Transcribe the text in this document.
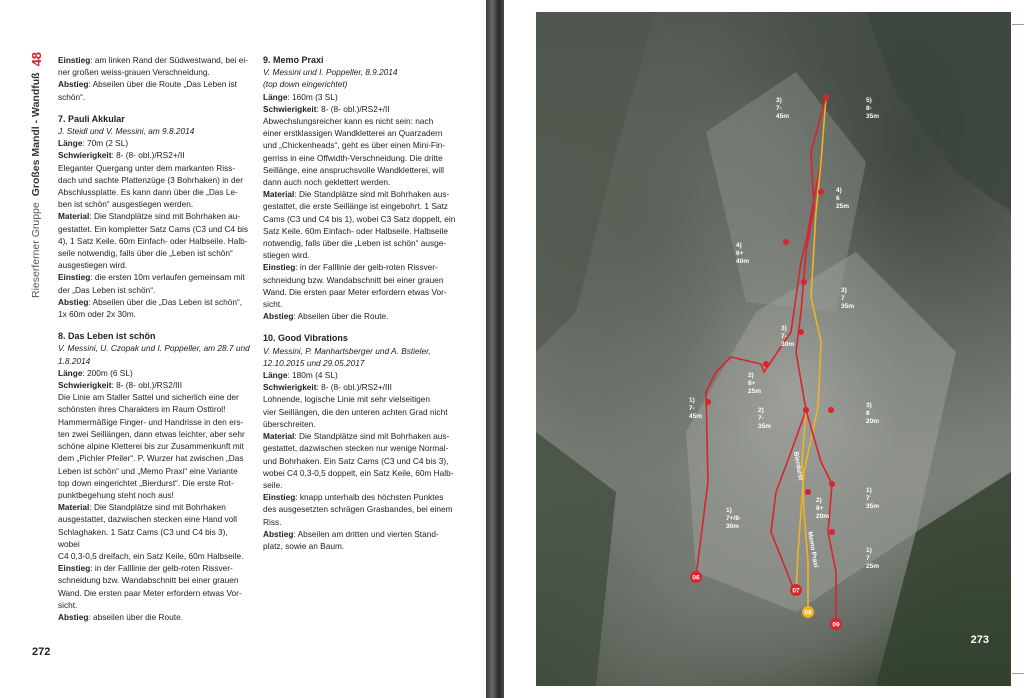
Rieserferner Gruppe
Großes Mandl - Wandfuß
48 Einstieg: am linken Rand der Südwestwand, bei ei-

ner großen weiss-grauen Verschneidung.

Abstieg: Abseilen über die Route „Das Leben ist

schön“.

7. Pauli Akkular

J. Steidl und V. Messini, am 9.8.2014

Länge: 70m (2 SL)

Schwierigkeit: 8- (8- obl.)/RS2+/II

Eleganter Quergang unter dem markanten Riss-

dach und sachte Plattenzüge (3 Bohrhaken) in der

Abschlussplatte. Es kann dann über die „Das Le-

ben ist schön“ ausgestiegen werden.

Material: Die Standplätze sind mit Bohrhaken au-

gestattet. Ein kompletter Satz Cams (C3 und C4 bis

4), 1 Satz Keile. 60m Einfach- oder Halbseile. Halb-

seile notwendig, falls über die „Leben ist schön“

ausgestiegen wird.

Einstieg: die ersten 10m verlaufen gemeinsam mit

der „Das Leben ist schön“.

Abstieg: Abseilen über die „Das Leben ist schön“,

1x 60m oder 2x 30m.

8. Das Leben ist schön

V. Messini, U. Czopak und I. Poppeller, am 28.7 und

1.8.2014

Länge: 200m (6 SL)

Schwierigkeit: 8- (8- obl.)/RS2/III

Die Linie am Staller Sattel und sicherlich eine der

schönsten ihres Charakters im Raum Osttirol!

Hammermäßige Finger- und Handrisse in den ers-

ten zwei Seillängen, dann etwas leichter, aber sehr

schöne alpine Kletterei bis zur Zusammenkunft mit

dem „Pichler Pfeiler“. P. Wurzer hat zwischen „Das

Leben ist schön“ und „Memo Praxi“ eine Variante

top down eingerichtet „Bierdurst“. Die erste Rot-

punktbegehung steht noch aus!

Material: Die Standplätze sind mit Bohrhaken

ausgestattet, dazwischen stecken eine Hand voll

Schlaghaken. 1 Satz Cams (C3 und C4 bis 3), wobei

C4 0,3-0,5 dreifach, ein Satz Keile, 60m Halbseile.

Einstieg: in der Falllinie der gelb-roten Rissver-

schneidung bzw. Wandabschnitt bei einer grauen

Wand. Die ersten paar Meter erfordern etwas Vor-

sicht.

Abstieg: abseilen über die Route.

9. Memo Praxi

V. Messini und I. Poppeller, 8.9.2014

(top down eingerichtet)

Länge: 160m (3 SL)

Schwierigkeit: 8- (8- obl.)/RS2+/II

Abwechslungsreicher kann es nicht sein: nach

einer erstklassigen Wandkletterei an Quarzadern

und „Chickenheads“, geht es über einen Mini-Fin-

gerriss in eine Offwidth-Verschneidung. Die dritte

Seillänge, eine anspruchsvolle Wandkletterei, will

dann auch noch geklettert werden.

Material: Die Standplätze sind mit Bohrhaken aus-

gestattet, die erste Seillänge ist eingebohrt. 1 Satz

Cams (C3 und C4 bis 1), wobei C3 Satz doppelt, ein

Satz Keile. 60m Einfach- oder Halbseile. Halbseile

notwendig, falls über die „Leben ist schön“ ausge-

stiegen wird.

Einstieg: in der Falllinie der gelb-roten Rissver-

schneidung bzw. Wandabschnitt bei einer grauen

Wand. Die ersten paar Meter erfordern etwas Vor-

sicht.

Abstieg: Abseilen über die Route.

10. Good Vibrations

V. Messini, P. Manhartsberger und A. Bstieler,

12.10.2015 und 29.05.2017

Länge: 180m (4 SL)

Schwierigkeit: 8- (8- obl.)/RS2+/III

Lohnende, logische Linie mit sehr vielseitigen

vier Seillängen, die den unteren achten Grad nicht

überschreiten.

Material: Die Standplätze sind mit Bohrhaken aus-

gestattet, dazwischen stecken nur wenige Normal-

und Bohrhaken. Ein Satz Cams (C3 und C4 bis 3),

wobei C4 0,3-0,5 doppelt, ein Satz Keile, 60m Halb-

seile.

Einstieg: knapp unterhalb des höchsten Punktes

des ausgesetzten schrägen Grasbandes, bei einem

Riss.

Abstieg: Abseilen am dritten und vierten Stand-

platz, sowie an Baum.

272
06
07
08
09
3) 7-45m
5) 8-35m
4) 6 25m
4) 6+ 40m
3) 7 35m
3) 7-30m
2) 8+ 25m
1) 7-45m
2) 7-35m
3) 8 20m
1) 7+/8-30m
2) 8+ 20m
1) 7 35m
1) 7 25m
Bierdurst
Memo Praxi
273
